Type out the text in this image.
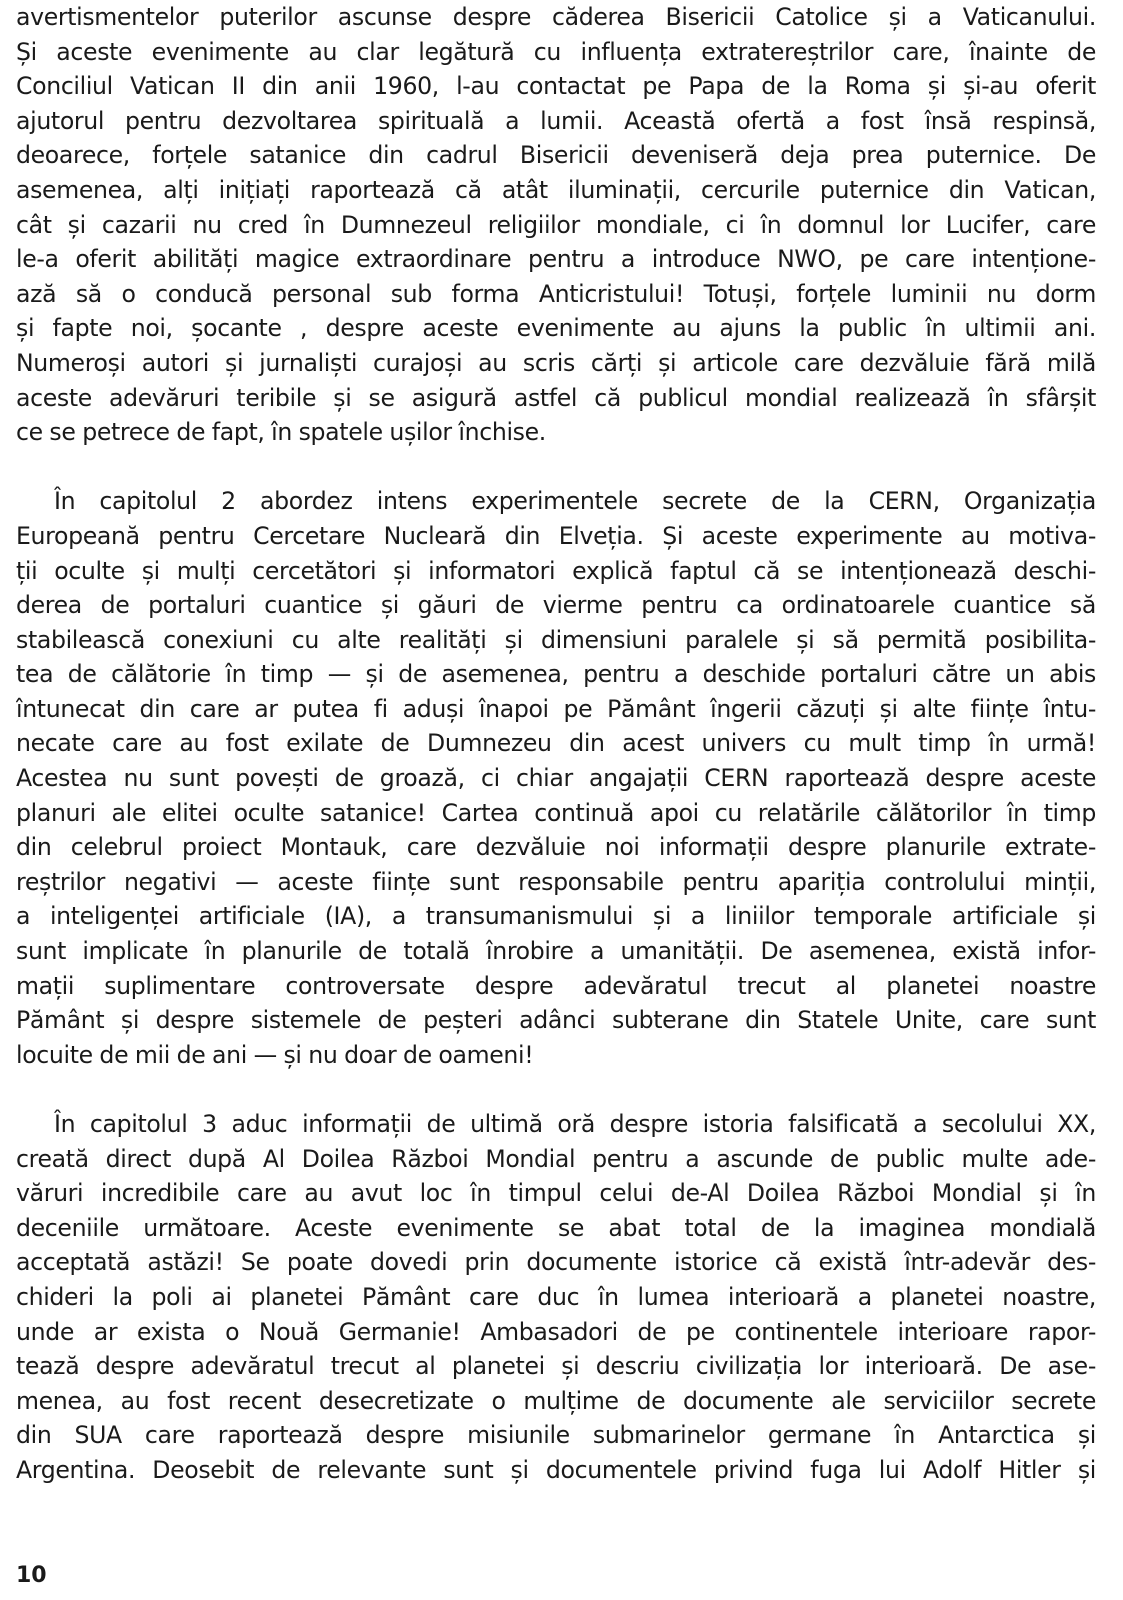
avertismentelor puterilor ascunse despre căderea Bisericii Catolice și a Vaticanului.
Și aceste evenimente au clar legătură cu influența extratereștrilor care, înainte de
Conciliul Vatican II din anii 1960, l-au contactat pe Papa de la Roma și și-au oferit
ajutorul pentru dezvoltarea spirituală a lumii. Această ofertă a fost însă respinsă,
deoarece, forțele satanice din cadrul Bisericii deveniseră deja prea puternice. De
asemenea, alți inițiați raportează că atât iluminații, cercurile puternice din Vatican,
cât și cazarii nu cred în Dumnezeul religiilor mondiale, ci în domnul lor Lucifer, care
le-a oferit abilități magice extraordinare pentru a introduce NWO, pe care intențione-
ază să o conducă personal sub forma Anticristului! Totuși, forțele luminii nu dorm
și fapte noi, șocante , despre aceste evenimente au ajuns la public în ultimii ani.
Numeroși autori și jurnaliști curajoși au scris cărți și articole care dezvăluie fără milă
aceste adevăruri teribile și se asigură astfel că publicul mondial realizează în sfârșit
ce se petrece de fapt, în spatele ușilor închise.
În capitolul 2 abordez intens experimentele secrete de la CERN, Organizația
Europeană pentru Cercetare Nucleară din Elveția. Și aceste experimente au motiva-
ții oculte și mulți cercetători și informatori explică faptul că se intenționează deschi-
derea de portaluri cuantice și găuri de vierme pentru ca ordinatoarele cuantice să
stabilească conexiuni cu alte realități și dimensiuni paralele și să permită posibilita-
tea de călătorie în timp — și de asemenea, pentru a deschide portaluri către un abis
întunecat din care ar putea fi aduși înapoi pe Pământ îngerii căzuți și alte ființe întu-
necate care au fost exilate de Dumnezeu din acest univers cu mult timp în urmă!
Acestea nu sunt povești de groază, ci chiar angajații CERN raportează despre aceste
planuri ale elitei oculte satanice! Cartea continuă apoi cu relatările călătorilor în timp
din celebrul proiect Montauk, care dezvăluie noi informații despre planurile extrate-
reștrilor negativi — aceste ființe sunt responsabile pentru apariția controlului minții,
a inteligenței artificiale (IA), a transumanismului și a liniilor temporale artificiale și
sunt implicate în planurile de totală înrobire a umanității. De asemenea, există infor-
mații suplimentare controversate despre adevăratul trecut al planetei noastre
Pământ și despre sistemele de peșteri adânci subterane din Statele Unite, care sunt
locuite de mii de ani — și nu doar de oameni!
În capitolul 3 aduc informații de ultimă oră despre istoria falsificată a secolului XX,
creată direct după Al Doilea Război Mondial pentru a ascunde de public multe ade-
văruri incredibile care au avut loc în timpul celui de-Al Doilea Război Mondial și în
deceniile următoare. Aceste evenimente se abat total de la imaginea mondială
acceptată astăzi! Se poate dovedi prin documente istorice că există într-adevăr des-
chideri la poli ai planetei Pământ care duc în lumea interioară a planetei noastre,
unde ar exista o Nouă Germanie! Ambasadori de pe continentele interioare rapor-
tează despre adevăratul trecut al planetei și descriu civilizația lor interioară. De ase-
menea, au fost recent desecretizate o mulțime de documente ale serviciilor secrete
din SUA care raportează despre misiunile submarinelor germane în Antarctica și
Argentina. Deosebit de relevante sunt și documentele privind fuga lui Adolf Hitler și
10
